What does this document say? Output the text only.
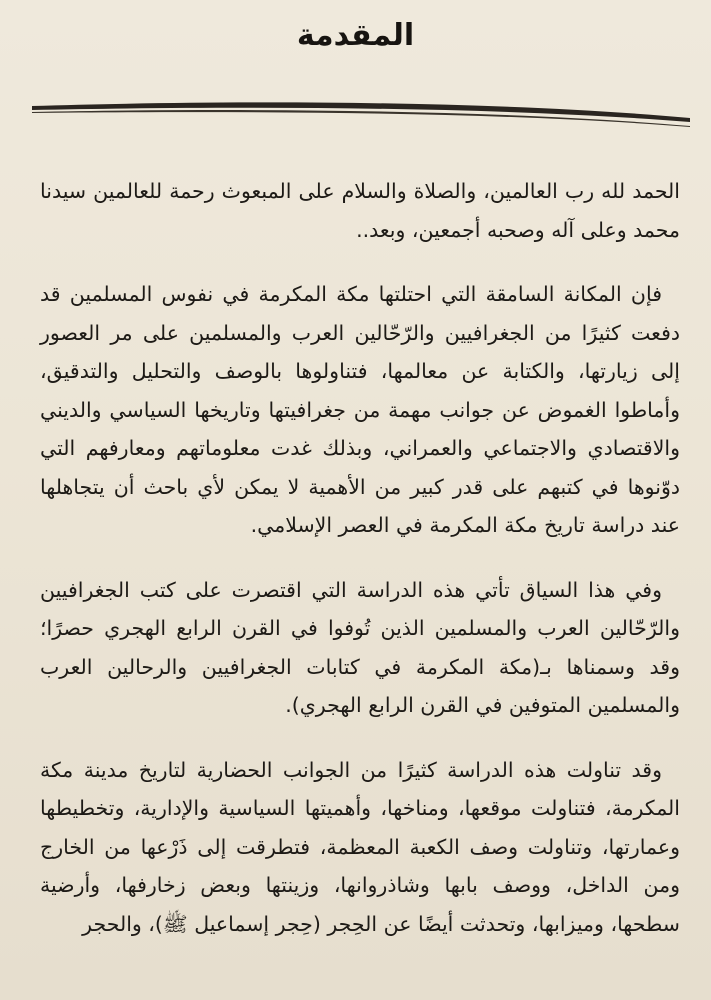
المقدمة

الحمد لله رب العالمين، والصلاة والسلام على المبعوث رحمة للعالمين سيدنا محمد وعلى آله وصحبه أجمعين، وبعد..

فإن المكانة السامقة التي احتلتها مكة المكرمة في نفوس المسلمين قد دفعت كثيرًا من الجغرافيين والرّحّالين العرب والمسلمين على مر العصور إلى زيارتها، والكتابة عن معالمها، فتناولوها بالوصف والتحليل والتدقيق، وأماطوا الغموض عن جوانب مهمة من جغرافيتها وتاريخها السياسي والديني والاقتصادي والاجتماعي والعمراني، وبذلك غدت معلوماتهم ومعارفهم التي دوّنوها في كتبهم على قدر كبير من الأهمية لا يمكن لأي باحث أن يتجاهلها عند دراسة تاريخ مكة المكرمة في العصر الإسلامي.

وفي هذا السياق تأتي هذه الدراسة التي اقتصرت على كتب الجغرافيين والرّحّالين العرب والمسلمين الذين تُوفوا في القرن الرابع الهجري حصرًا؛ وقد وسمناها بـ(مكة المكرمة في كتابات الجغرافيين والرحالين العرب والمسلمين المتوفين في القرن الرابع الهجري).

وقد تناولت هذه الدراسة كثيرًا من الجوانب الحضارية لتاريخ مدينة مكة المكرمة، فتناولت موقعها، ومناخها، وأهميتها السياسية والإدارية، وتخطيطها وعمارتها، وتناولت وصف الكعبة المعظمة، فتطرقت إلى ذَرْعها من الخارج ومن الداخل، ووصف بابها وشاذروانها، وزينتها وبعض زخارفها، وأرضية سطحها، وميزابها، وتحدثت أيضًا عن الحِجر (حِجر إسماعيل ﷺ)، والحجر
